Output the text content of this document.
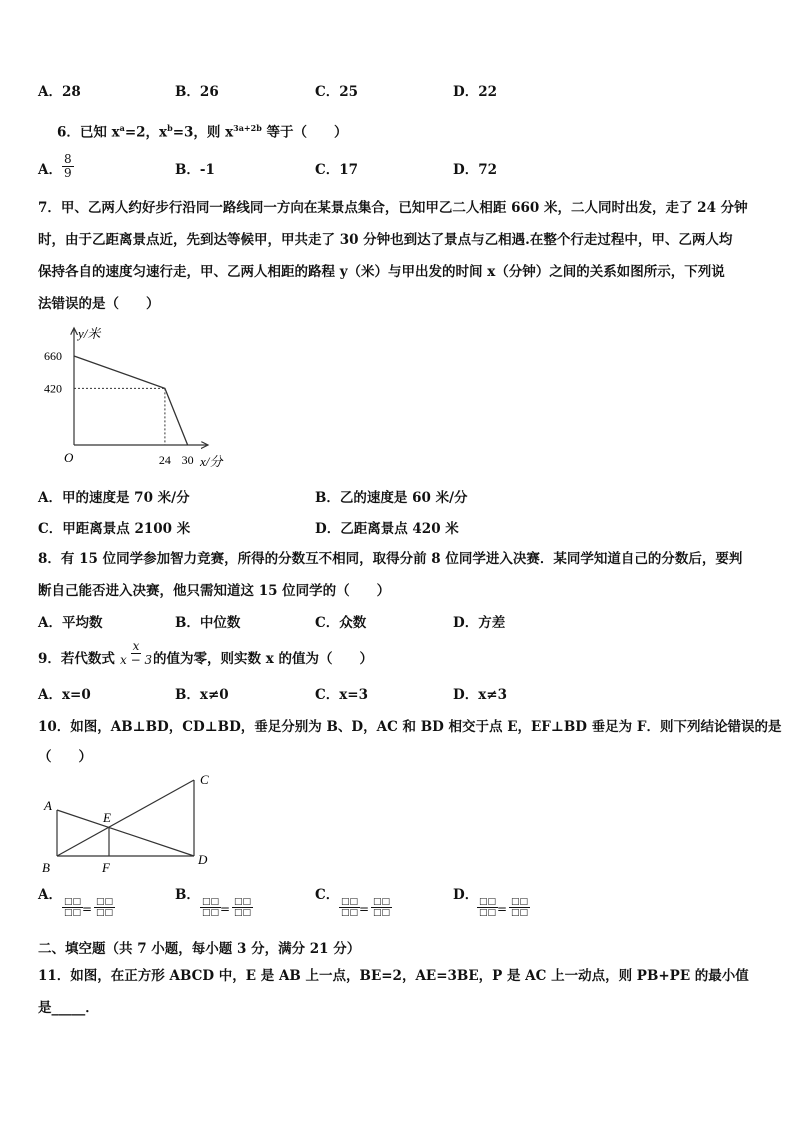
A．28	B．26	C．25	D．22
6．已知 $x^a=2$，$x^b=3$，则 $x^{3a+2b}$ 等于（　　）
A． $\frac{8}{9}$	B．-1	C．17	D．72
7．甲、乙两人约好步行沿同一路线同一方向在某景点集合，已知甲乙二人相距 660 米，二人同时出发，走了 24 分钟
时，由于乙距离景点近，先到达等候甲，甲共走了 30 分钟也到达了景点与乙相遇.在整个行走过程中，甲、乙两人均
保持各自的速度匀速行走，甲、乙两人相距的路程 y（米）与甲出发的时间 x（分钟）之间的关系如图所示，下列说
法错误的是（　　）
y/米
x/分
O
660
420
24 30
A．甲的速度是 70 米/分	B．乙的速度是 60 米/分
C．甲距离景点 2100 米	D．乙距离景点 420 米
8．有 15 位同学参加智力竞赛，所得的分数互不相同，取得分前 8 位同学进入决赛．某同学知道自己的分数后，要判
断自己能否进入决赛，他只需知道这 15 位同学的（　　）
A．平均数	B．中位数	C．众数	D．方差
9．若代数式 $\frac{x}{x - 3}$
的值为零，则实数 x 的值为（　　）
A．x=0	B．x≠0	C．x=3	D．x≠3
10．如图，AB⊥BD，CD⊥BD，垂足分别为 B、D，AC 和 BD 相交于点 E，EF⊥BD 垂足为 F．则下列结论错误的是
（　　）
A
B
C
D
E
F
A． □□
□□ = □□
□□
B． □□
□□ = □□
□□
C． □□
□□ = □□
□□
D． □□
□□ = □□
□□
二、填空题（共 7 小题，每小题 3 分，满分 21 分）
11．如图，在正方形 ABCD 中，E 是 AB 上一点，BE=2，AE=3BE，P 是 AC 上一动点，则 PB+PE 的最小值
是_____．
